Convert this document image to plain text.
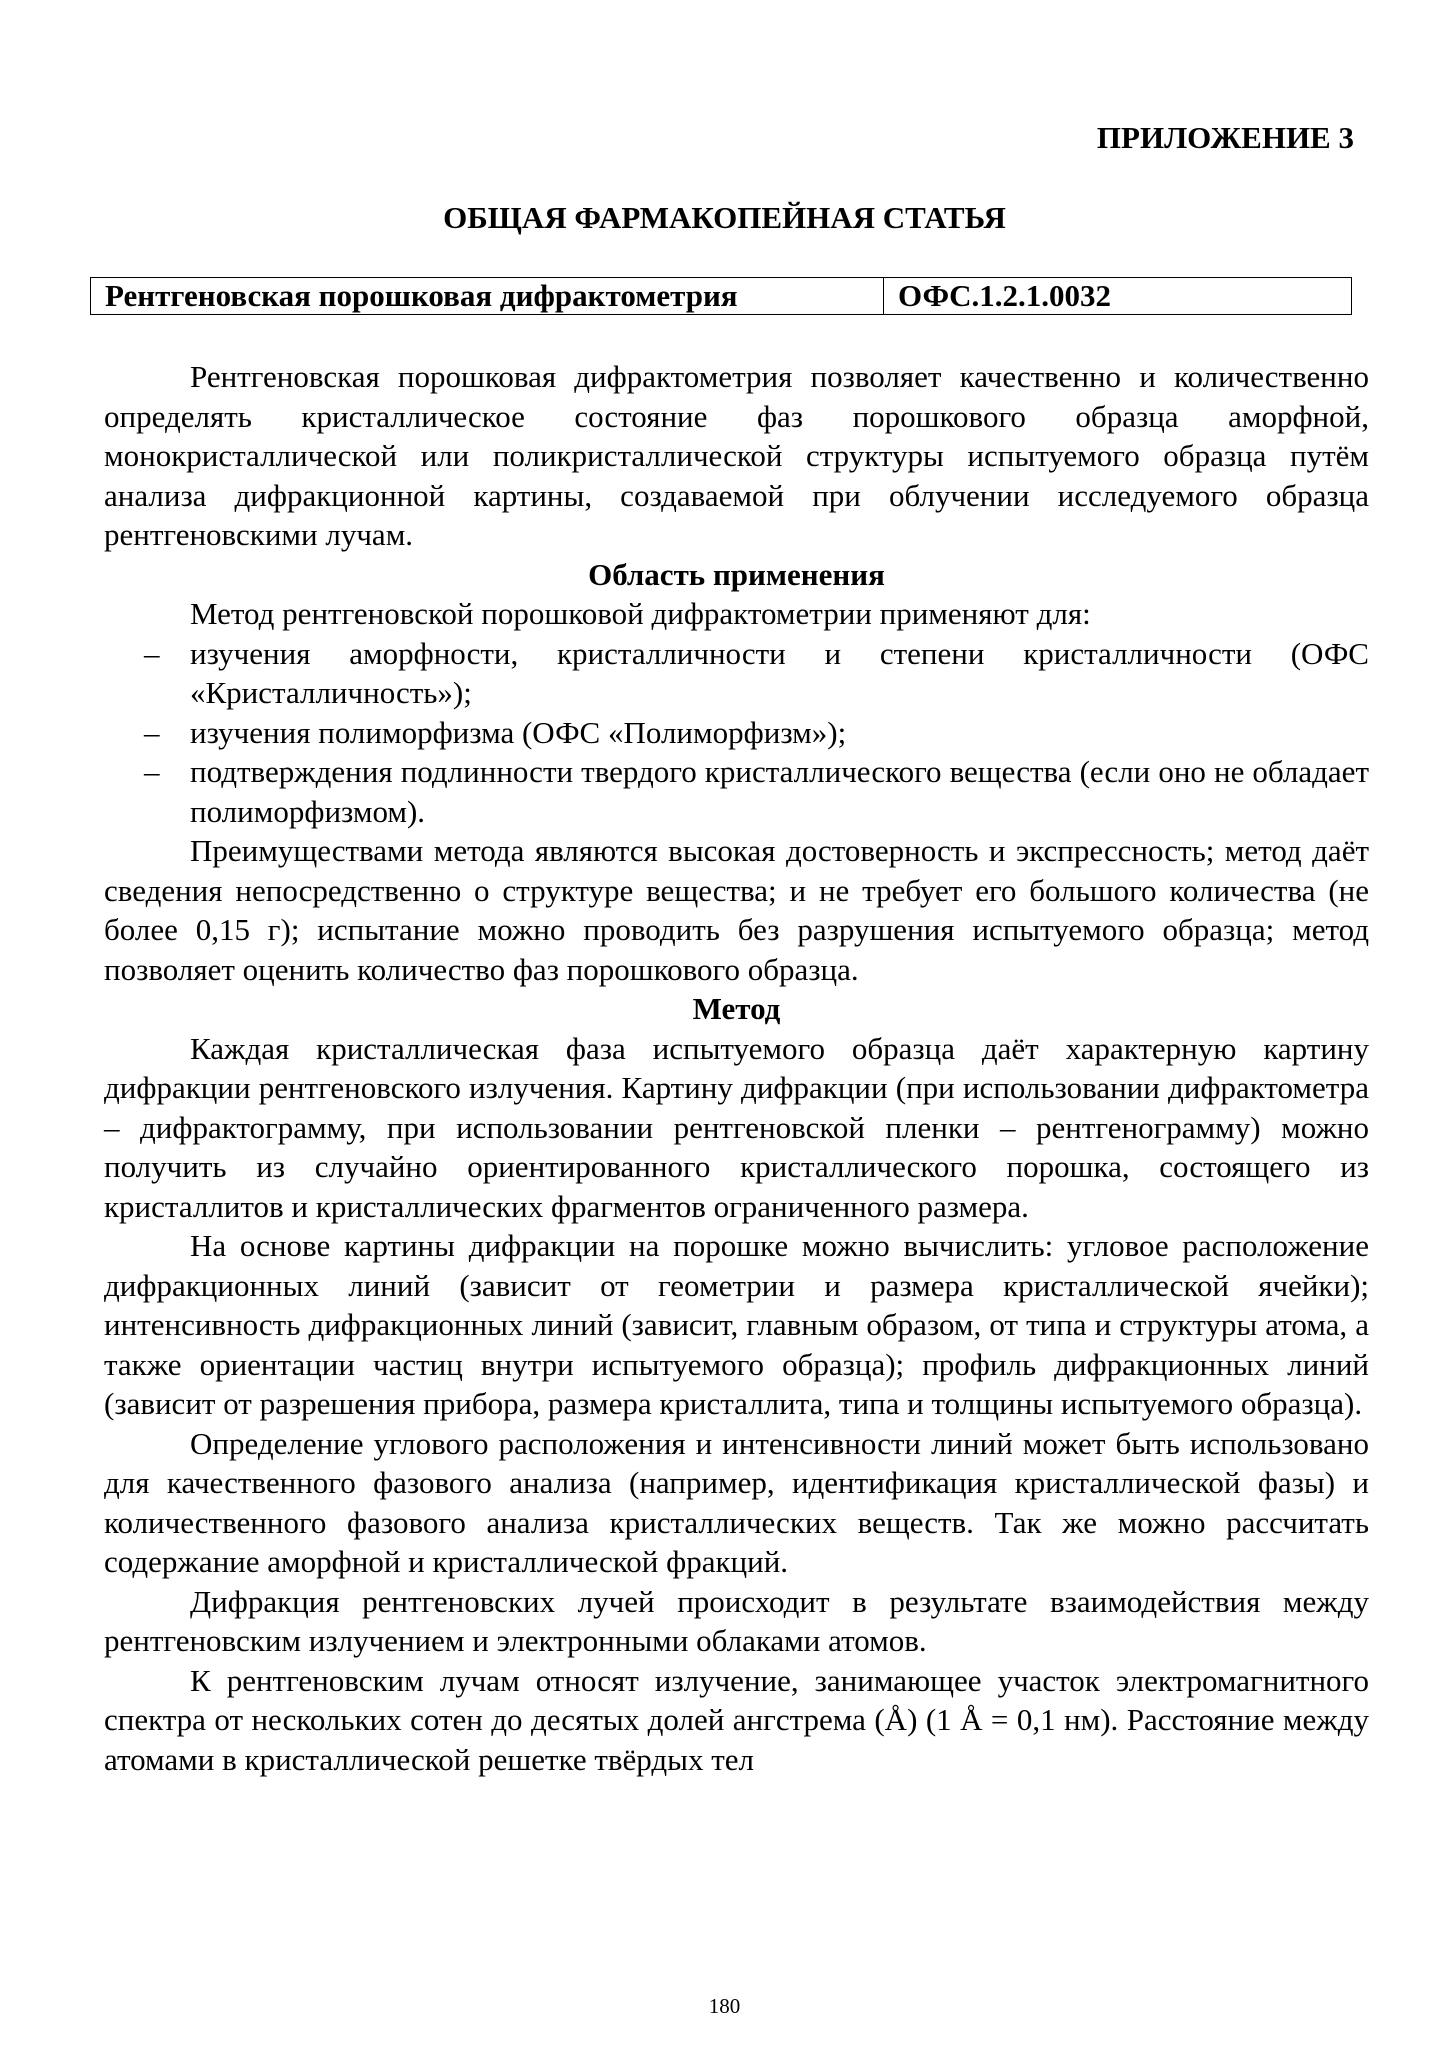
ПРИЛОЖЕНИЕ 3

ОБЩАЯ ФАРМАКОПЕЙНАЯ СТАТЬЯ

Рентгеновская порошковая дифрактометрия	ОФС.1.2.1.0032

Рентгеновская порошковая дифрактометрия позволяет качественно и количественно определять кристаллическое состояние фаз порошкового образца аморфной, монокристаллической или поликристаллической структуры испытуемого образца путём анализа дифракционной картины, создаваемой при облучении исследуемого образца рентгеновскими лучам.

Область применения

Метод рентгеновской порошковой дифрактометрии применяют для:

– изучения аморфности, кристалличности и степени кристалличности (ОФС «Кристалличность»);
– изучения полиморфизма (ОФС «Полиморфизм»);
– подтверждения подлинности твердого кристаллического вещества (если оно не обладает полиморфизмом).

Преимуществами метода являются высокая достоверность и экспрессность; метод даёт сведения непосредственно о структуре вещества; и не требует его большого количества (не более 0,15 г); испытание можно проводить без разрушения испытуемого образца; метод позволяет оценить количество фаз порошкового образца.

Метод

Каждая кристаллическая фаза испытуемого образца даёт характерную картину дифракции рентгеновского излучения. Картину дифракции (при использовании дифрактометра – дифрактограмму, при использовании рентгеновской пленки – рентгенограмму) можно получить из случайно ориентированного кристаллического порошка, состоящего из кристаллитов и кристаллических фрагментов ограниченного размера.

На основе картины дифракции на порошке можно вычислить: угловое расположение дифракционных линий (зависит от геометрии и размера кристаллической ячейки); интенсивность дифракционных линий (зависит, главным образом, от типа и структуры атома, а также ориентации частиц внутри испытуемого образца); профиль дифракционных линий (зависит от разрешения прибора, размера кристаллита, типа и толщины испытуемого образца).

Определение углового расположения и интенсивности линий может быть использовано для качественного фазового анализа (например, идентификация кристаллической фазы) и количественного фазового анализа кристаллических веществ. Так же можно рассчитать содержание аморфной и кристаллической фракций.

Дифракция рентгеновских лучей происходит в результате взаимодействия между рентгеновским излучением и электронными облаками атомов.

К рентгеновским лучам относят излучение, занимающее участок электромагнитного спектра от нескольких сотен до десятых долей ангстрема (Å) (1 Å = 0,1 нм). Расстояние между атомами в кристаллической решетке твёрдых тел

180
